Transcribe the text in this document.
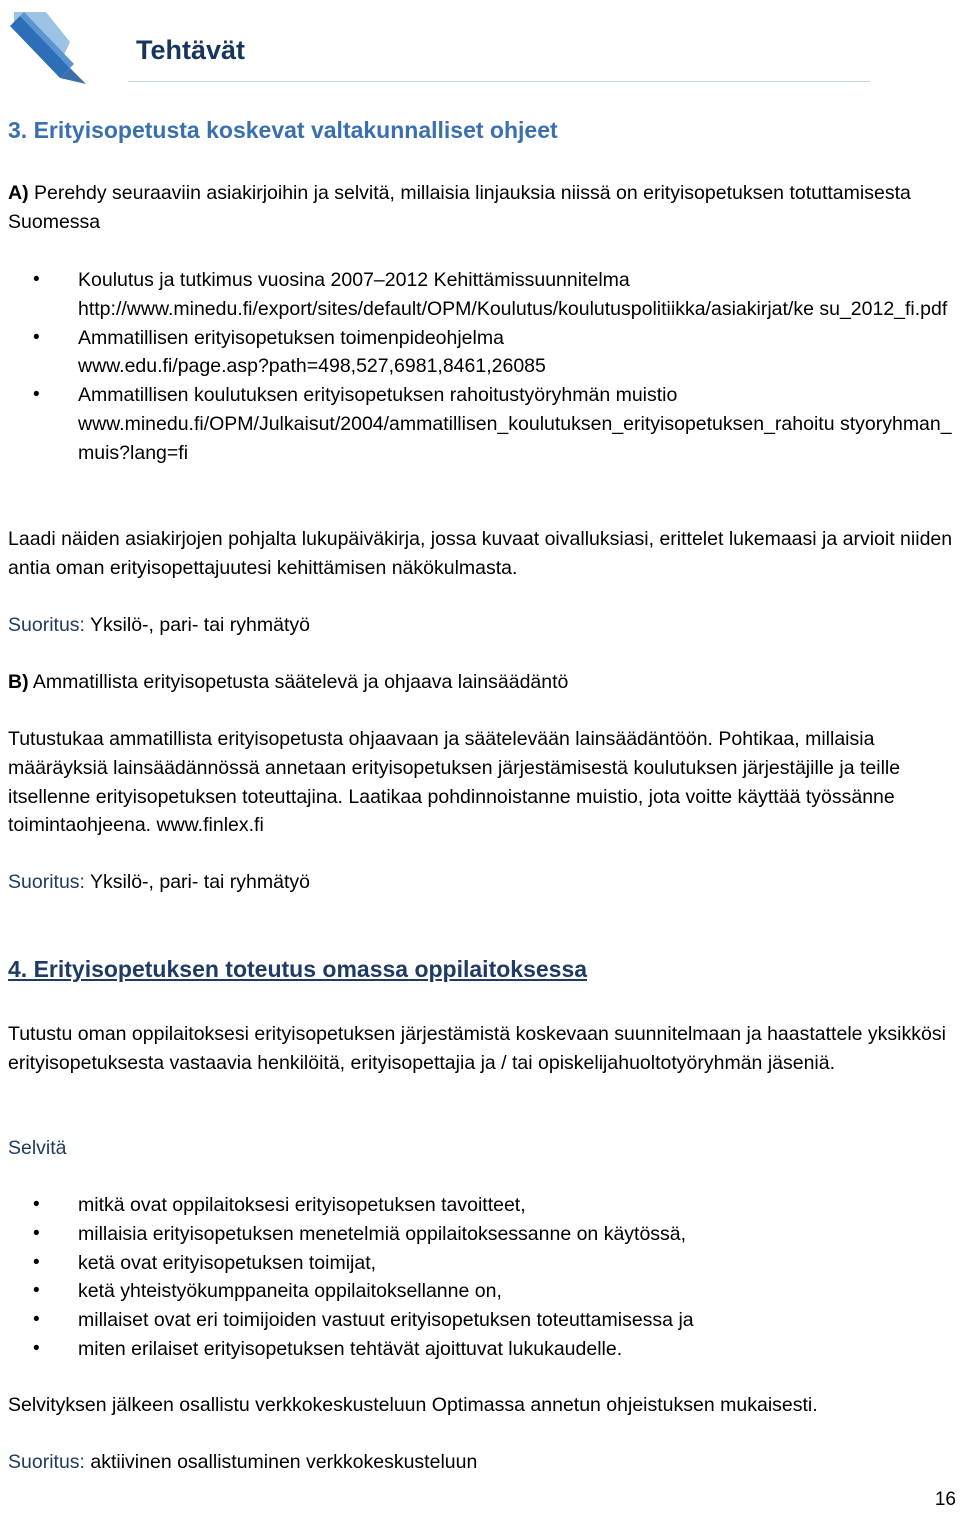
Tehtävät
3. Erityisopetusta koskevat valtakunnalliset ohjeet

A) Perehdy seuraaviin asiakirjoihin ja selvitä, millaisia linjauksia niissä on erityisopetuksen totuttamisesta Suomessa

• Koulutus ja tutkimus vuosina 2007–2012 Kehittämissuunnitelma
http://www.minedu.fi/export/sites/default/OPM/Koulutus/koulutuspolitiikka/asiakirjat/ke su_2012_fi.pdf
• Ammatillisen erityisopetuksen toimenpideohjelma
www.edu.fi/page.asp?path=498,527,6981,8461,26085
• Ammatillisen koulutuksen erityisopetuksen rahoitustyöryhmän muistio
www.minedu.fi/OPM/Julkaisut/2004/ammatillisen_koulutuksen_erityisopetuksen_rahoitu styoryhman_muis?lang=fi

Laadi näiden asiakirjojen pohjalta lukupäiväkirja, jossa kuvaat oivalluksiasi, erittelet lukemaasi ja arvioit niiden antia oman erityisopettajuutesi kehittämisen näkökulmasta.

Suoritus: Yksilö-, pari- tai ryhmätyö

B) Ammatillista erityisopetusta säätelevä ja ohjaava lainsäädäntö

Tutustukaa ammatillista erityisopetusta ohjaavaan ja säätelevään lainsäädäntöön. Pohtikaa, millaisia määräyksiä lainsäädännössä annetaan erityisopetuksen järjestämisestä koulutuksen järjestäjille ja teille itsellenne erityisopetuksen toteuttajina. Laatikaa pohdinnoistanne muistio, jota voitte käyttää työssänne toimintaohjeena. www.finlex.fi

Suoritus: Yksilö-, pari- tai ryhmätyö

4. Erityisopetuksen toteutus omassa oppilaitoksessa

Tutustu oman oppilaitoksesi erityisopetuksen järjestämistä koskevaan suunnitelmaan ja haastattele yksikkösi erityisopetuksesta vastaavia henkilöitä, erityisopettajia ja / tai opiskelijahuoltotyöryhmän jäseniä.

Selvitä

• mitkä ovat oppilaitoksesi erityisopetuksen tavoitteet,
• millaisia erityisopetuksen menetelmiä oppilaitoksessanne on käytössä,
• ketä ovat erityisopetuksen toimijat,
• ketä yhteistyökumppaneita oppilaitoksellanne on,
• millaiset ovat eri toimijoiden vastuut erityisopetuksen toteuttamisessa ja
• miten erilaiset erityisopetuksen tehtävät ajoittuvat lukukaudelle.

Selvityksen jälkeen osallistu verkkokeskusteluun Optimassa annetun ohjeistuksen mukaisesti.

Suoritus: aktiivinen osallistuminen verkkokeskusteluun

16
